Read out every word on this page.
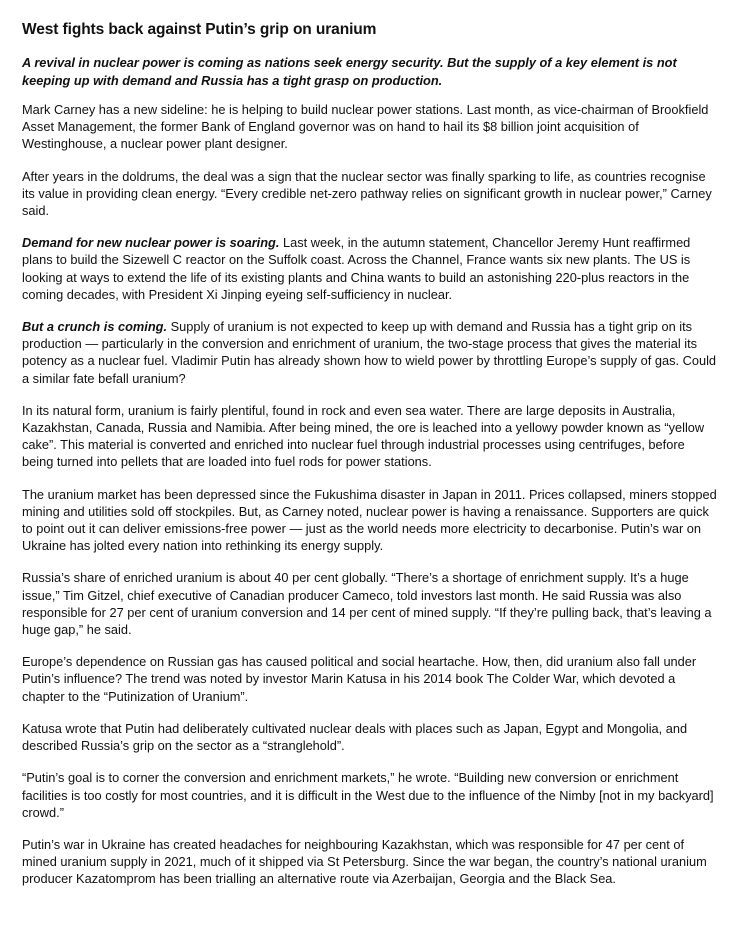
West fights back against Putin’s grip on uranium

A revival in nuclear power is coming as nations seek energy security. But the supply of a key element is not keeping up with demand and Russia has a tight grasp on production.

Mark Carney has a new sideline: he is helping to build nuclear power stations. Last month, as vice-chairman of Brookfield Asset Management, the former Bank of England governor was on hand to hail its $8 billion joint acquisition of Westinghouse, a nuclear power plant designer.

After years in the doldrums, the deal was a sign that the nuclear sector was finally sparking to life, as countries recognise its value in providing clean energy. “Every credible net-zero pathway relies on significant growth in nuclear power,” Carney said.

Demand for new nuclear power is soaring. Last week, in the autumn statement, Chancellor Jeremy Hunt reaffirmed plans to build the Sizewell C reactor on the Suffolk coast. Across the Channel, France wants six new plants. The US is looking at ways to extend the life of its existing plants and China wants to build an astonishing 220-plus reactors in the coming decades, with President Xi Jinping eyeing self-sufficiency in nuclear.

But a crunch is coming. Supply of uranium is not expected to keep up with demand and Russia has a tight grip on its production — particularly in the conversion and enrichment of uranium, the two-stage process that gives the material its potency as a nuclear fuel. Vladimir Putin has already shown how to wield power by throttling Europe’s supply of gas. Could a similar fate befall uranium?

In its natural form, uranium is fairly plentiful, found in rock and even sea water. There are large deposits in Australia, Kazakhstan, Canada, Russia and Namibia. After being mined, the ore is leached into a yellowy powder known as “yellow cake”. This material is converted and enriched into nuclear fuel through industrial processes using centrifuges, before being turned into pellets that are loaded into fuel rods for power stations.

The uranium market has been depressed since the Fukushima disaster in Japan in 2011. Prices collapsed, miners stopped mining and utilities sold off stockpiles. But, as Carney noted, nuclear power is having a renaissance. Supporters are quick to point out it can deliver emissions-free power — just as the world needs more electricity to decarbonise. Putin’s war on Ukraine has jolted every nation into rethinking its energy supply.

Russia’s share of enriched uranium is about 40 per cent globally. “There’s a shortage of enrichment supply. It’s a huge issue,” Tim Gitzel, chief executive of Canadian producer Cameco, told investors last month. He said Russia was also responsible for 27 per cent of uranium conversion and 14 per cent of mined supply. “If they’re pulling back, that’s leaving a huge gap,” he said.

Europe’s dependence on Russian gas has caused political and social heartache. How, then, did uranium also fall under Putin’s influence? The trend was noted by investor Marin Katusa in his 2014 book The Colder War, which devoted a chapter to the “Putinization of Uranium”.

Katusa wrote that Putin had deliberately cultivated nuclear deals with places such as Japan, Egypt and Mongolia, and described Russia’s grip on the sector as a “stranglehold”.

“Putin’s goal is to corner the conversion and enrichment markets,” he wrote. “Building new conversion or enrichment facilities is too costly for most countries, and it is difficult in the West due to the influence of the Nimby [not in my backyard] crowd.”

Putin’s war in Ukraine has created headaches for neighbouring Kazakhstan, which was responsible for 47 per cent of mined uranium supply in 2021, much of it shipped via St Petersburg. Since the war began, the country’s national uranium producer Kazatomprom has been trialling an alternative route via Azerbaijan, Georgia and the Black Sea.
